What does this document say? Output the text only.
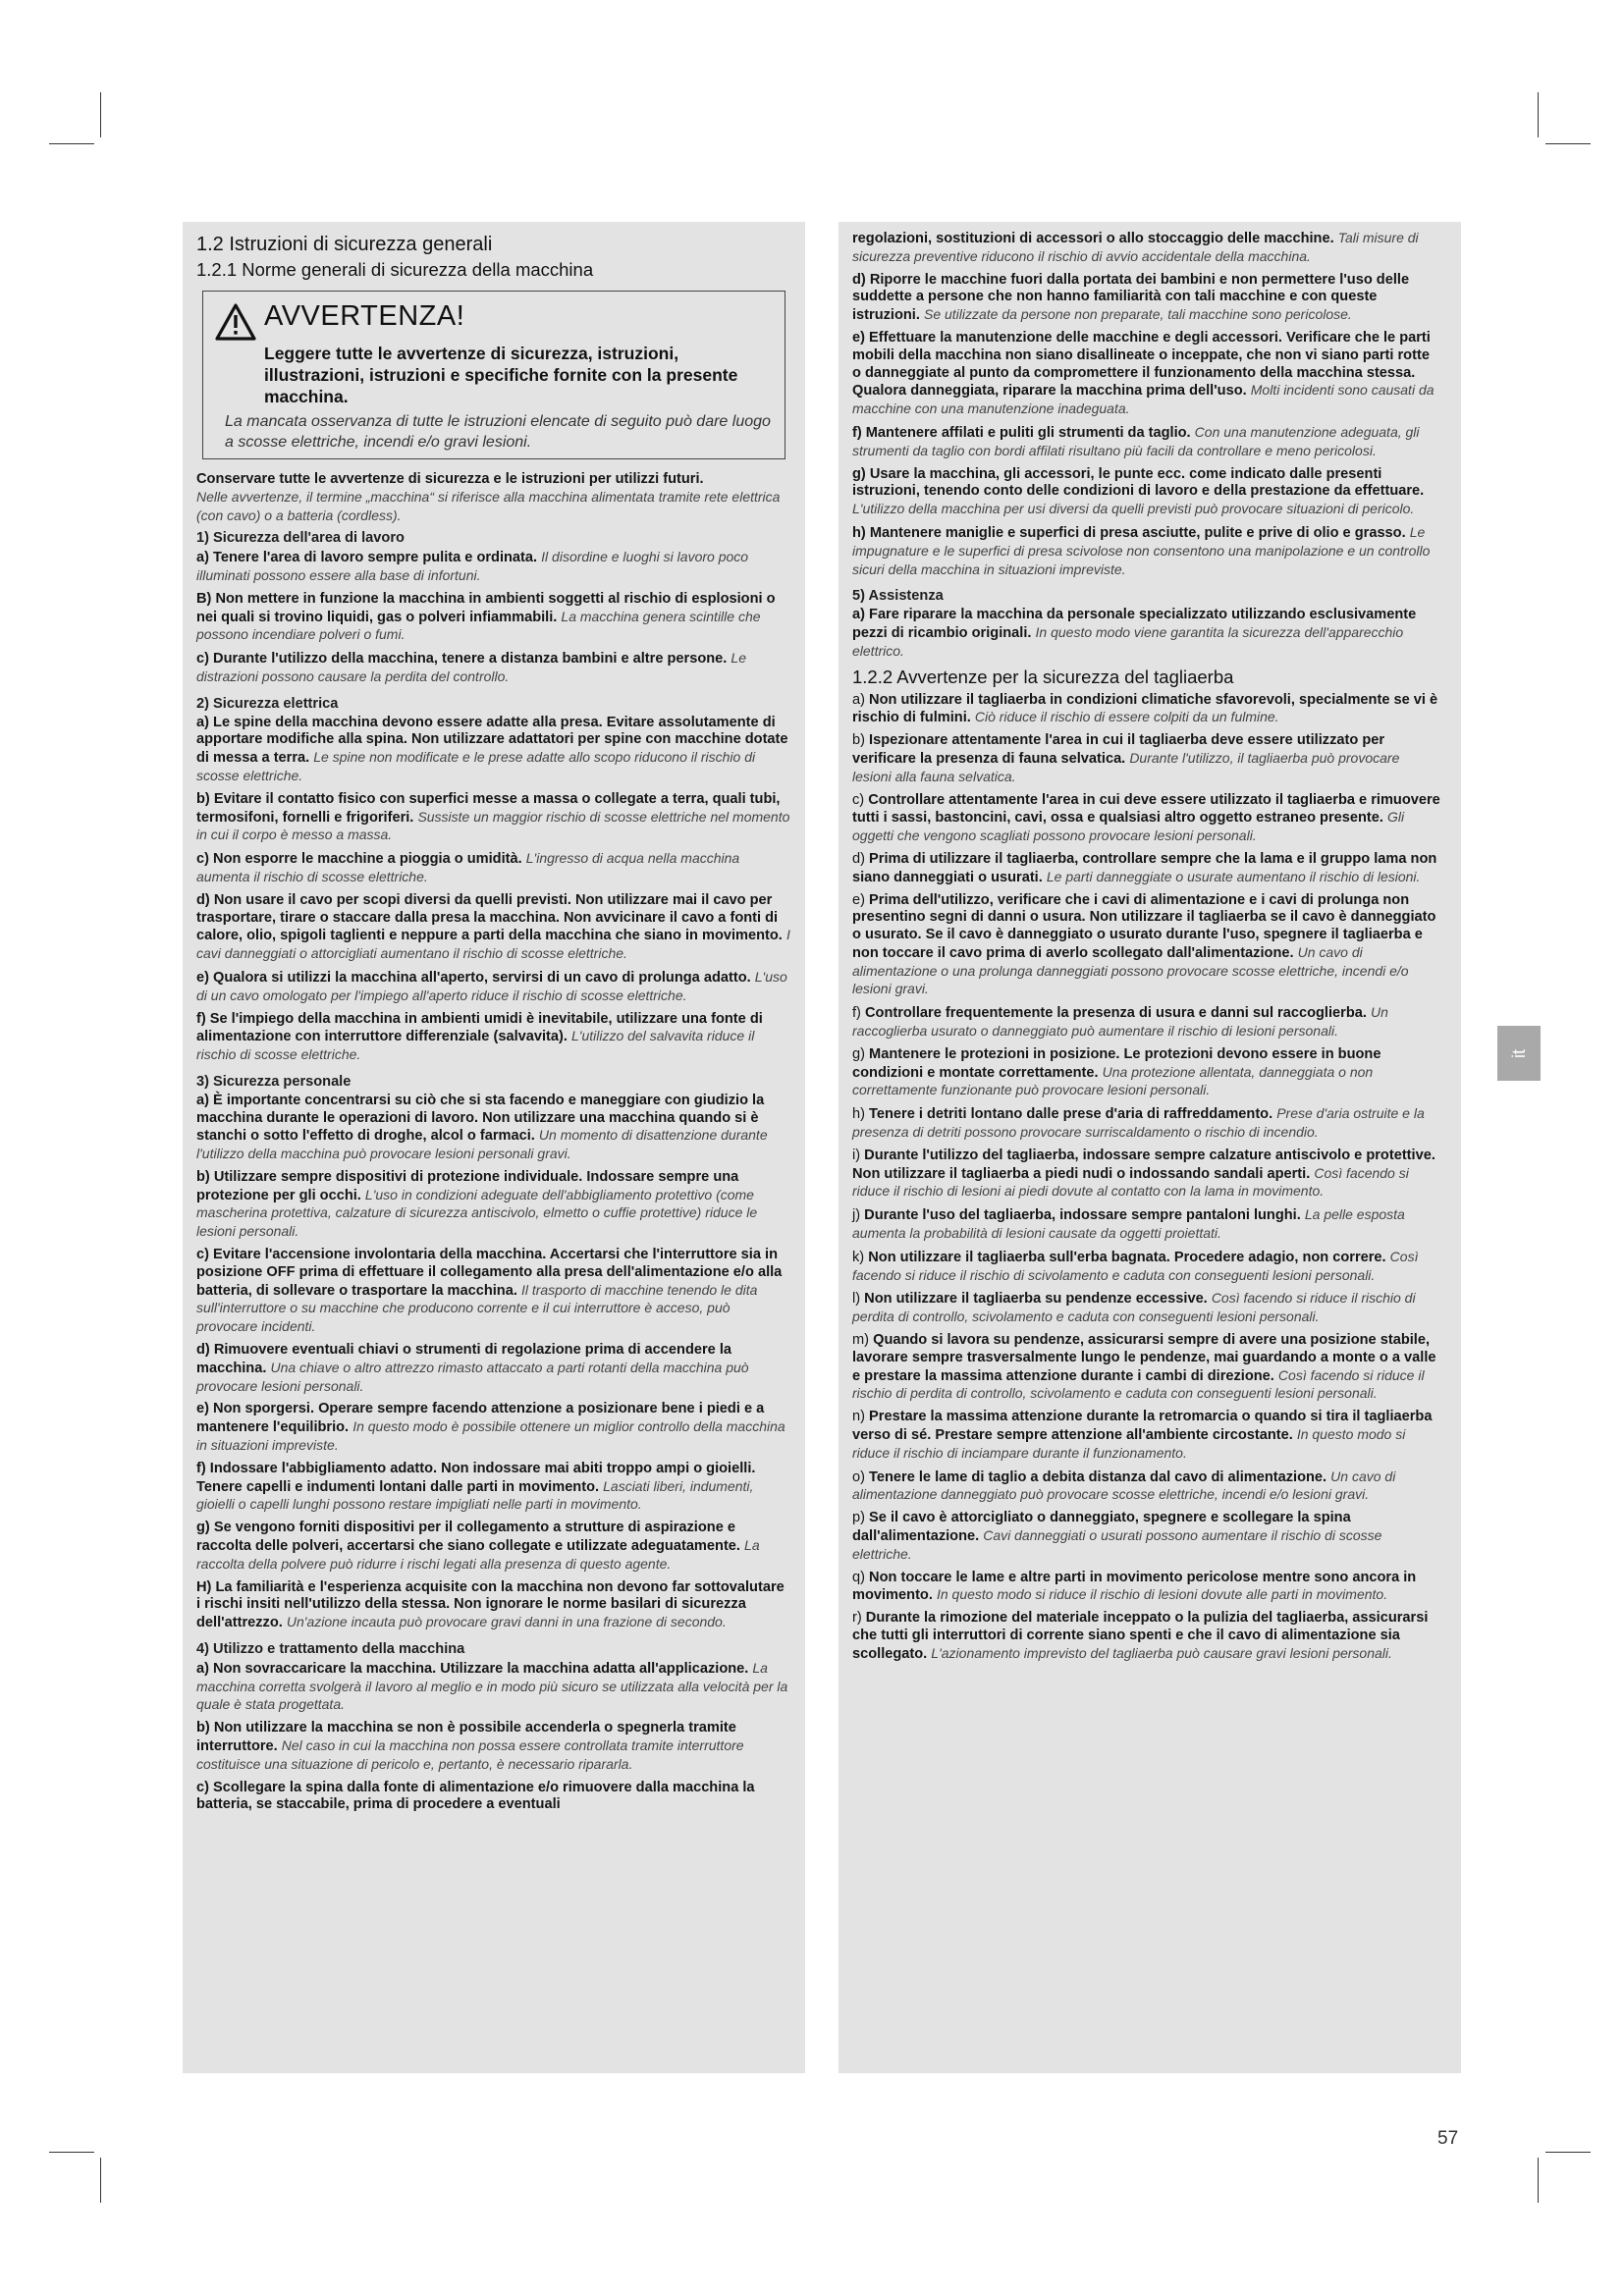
1.2 Istruzioni di sicurezza generali
1.2.1 Norme generali di sicurezza della macchina
AVVERTENZA!
Leggere tutte le avvertenze di sicurezza, istruzioni, illustrazioni, istruzioni e specifiche fornite con la presente macchina.
La mancata osservanza di tutte le istruzioni elencate di seguito può dare luogo a scosse elettriche, incendi e/o gravi lesioni.

Conservare tutte le avvertenze di sicurezza e le istruzioni per utilizzi futuri.
Nelle avvertenze, il termine „macchina“ si riferisce alla macchina alimentata tramite rete elettrica (con cavo) o a batteria (cordless).

1) Sicurezza dell'area di lavoro

a) Tenere l'area di lavoro sempre pulita e ordinata. Il disordine e luoghi si lavoro poco illuminati possono essere alla base di infortuni.

B) Non mettere in funzione la macchina in ambienti soggetti al rischio di esplosioni o nei quali si trovino liquidi, gas o polveri infiammabili. La macchina genera scintille che possono incendiare polveri o fumi.

c) Durante l'utilizzo della macchina, tenere a distanza bambini e altre persone. Le distrazioni possono causare la perdita del controllo.

2) Sicurezza elettrica

a) Le spine della macchina devono essere adatte alla presa. Evitare assolutamente di apportare modifiche alla spina. Non utilizzare adattatori per spine con macchine dotate di messa a terra. Le spine non modificate e le prese adatte allo scopo riducono il rischio di scosse elettriche.

b) Evitare il contatto fisico con superfici messe a massa o collegate a terra, quali tubi, termosifoni, fornelli e frigoriferi. Sussiste un maggior rischio di scosse elettriche nel momento in cui il corpo è messo a massa.

c) Non esporre le macchine a pioggia o umidità. L'ingresso di acqua nella macchina aumenta il rischio di scosse elettriche.

d) Non usare il cavo per scopi diversi da quelli previsti. Non utilizzare mai il cavo per trasportare, tirare o staccare dalla presa la macchina. Non avvicinare il cavo a fonti di calore, olio, spigoli taglienti e neppure a parti della macchina che siano in movimento. I cavi danneggiati o attorcigliati aumentano il rischio di scosse elettriche.

e) Qualora si utilizzi la macchina all'aperto, servirsi di un cavo di prolunga adatto. L'uso di un cavo omologato per l'impiego all'aperto riduce il rischio di scosse elettriche.

f) Se l'impiego della macchina in ambienti umidi è inevitabile, utilizzare una fonte di alimentazione con interruttore differenziale (salvavita). L'utilizzo del salvavita riduce il rischio di scosse elettriche.

3) Sicurezza personale

a) È importante concentrarsi su ciò che si sta facendo e maneggiare con giudizio la macchina durante le operazioni di lavoro. Non utilizzare una macchina quando si è stanchi o sotto l'effetto di droghe, alcol o farmaci. Un momento di disattenzione durante l'utilizzo della macchina può provocare lesioni personali gravi.

b) Utilizzare sempre dispositivi di protezione individuale. Indossare sempre una protezione per gli occhi. L'uso in condizioni adeguate dell'abbigliamento protettivo (come mascherina protettiva, calzature di sicurezza antiscivolo, elmetto o cuffie protettive) riduce le lesioni personali.

c) Evitare l'accensione involontaria della macchina. Accertarsi che l'interruttore sia in posizione OFF prima di effettuare il collegamento alla presa dell'alimentazione e/o alla batteria, di sollevare o trasportare la macchina. Il trasporto di macchine tenendo le dita sull'interruttore o su macchine che producono corrente e il cui interruttore è acceso, può provocare incidenti.

d) Rimuovere eventuali chiavi o strumenti di regolazione prima di accendere la macchina. Una chiave o altro attrezzo rimasto attaccato a parti rotanti della macchina può provocare lesioni personali.

e) Non sporgersi. Operare sempre facendo attenzione a posizionare bene i piedi e a mantenere l'equilibrio. In questo modo è possibile ottenere un miglior controllo della macchina in situazioni impreviste.

f) Indossare l'abbigliamento adatto. Non indossare mai abiti troppo ampi o gioielli. Tenere capelli e indumenti lontani dalle parti in movimento. Lasciati liberi, indumenti, gioielli o capelli lunghi possono restare impigliati nelle parti in movimento.

g) Se vengono forniti dispositivi per il collegamento a strutture di aspirazione e raccolta delle polveri, accertarsi che siano collegate e utilizzate adeguatamente. La raccolta della polvere può ridurre i rischi legati alla presenza di questo agente.

H) La familiarità e l'esperienza acquisite con la macchina non devono far sottovalutare i rischi insiti nell'utilizzo della stessa. Non ignorare le norme basilari di sicurezza dell'attrezzo. Un'azione incauta può provocare gravi danni in una frazione di secondo.

4) Utilizzo e trattamento della macchina

a) Non sovraccaricare la macchina. Utilizzare la macchina adatta all'applicazione. La macchina corretta svolgerà il lavoro al meglio e in modo più sicuro se utilizzata alla velocità per la quale è stata progettata.

b) Non utilizzare la macchina se non è possibile accenderla o spegnerla tramite interruttore. Nel caso in cui la macchina non possa essere controllata tramite interruttore costituisce una situazione di pericolo e, pertanto, è necessario ripararla.

c) Scollegare la spina dalla fonte di alimentazione e/o rimuovere dalla macchina la batteria, se staccabile, prima di procedere a eventuali

regolazioni, sostituzioni di accessori o allo stoccaggio delle macchine. Tali misure di sicurezza preventive riducono il rischio di avvio accidentale della macchina.

d) Riporre le macchine fuori dalla portata dei bambini e non permettere l'uso delle suddette a persone che non hanno familiarità con tali macchine e con queste istruzioni. Se utilizzate da persone non preparate, tali macchine sono pericolose.

e) Effettuare la manutenzione delle macchine e degli accessori. Verificare che le parti mobili della macchina non siano disallineate o inceppate, che non vi siano parti rotte o danneggiate al punto da compromettere il funzionamento della macchina stessa. Qualora danneggiata, riparare la macchina prima dell'uso. Molti incidenti sono causati da macchine con una manutenzione inadeguata.

f) Mantenere affilati e puliti gli strumenti da taglio. Con una manutenzione adeguata, gli strumenti da taglio con bordi affilati risultano più facili da controllare e meno pericolosi.

g) Usare la macchina, gli accessori, le punte ecc. come indicato dalle presenti istruzioni, tenendo conto delle condizioni di lavoro e della prestazione da effettuare. L'utilizzo della macchina per usi diversi da quelli previsti può provocare situazioni di pericolo.

h) Mantenere maniglie e superfici di presa asciutte, pulite e prive di olio e grasso. Le impugnature e le superfici di presa scivolose non consentono una manipolazione e un controllo sicuri della macchina in situazioni impreviste.

5) Assistenza

a) Fare riparare la macchina da personale specializzato utilizzando esclusivamente pezzi di ricambio originali. In questo modo viene garantita la sicurezza dell'apparecchio elettrico.

1.2.2 Avvertenze per la sicurezza del tagliaerba

a) Non utilizzare il tagliaerba in condizioni climatiche sfavorevoli, specialmente se vi è rischio di fulmini. Ciò riduce il rischio di essere colpiti da un fulmine.

b) Ispezionare attentamente l'area in cui il tagliaerba deve essere utilizzato per verificare la presenza di fauna selvatica. Durante l'utilizzo, il tagliaerba può provocare lesioni alla fauna selvatica.

c) Controllare attentamente l'area in cui deve essere utilizzato il tagliaerba e rimuovere tutti i sassi, bastoncini, cavi, ossa e qualsiasi altro oggetto estraneo presente. Gli oggetti che vengono scagliati possono provocare lesioni personali.

d) Prima di utilizzare il tagliaerba, controllare sempre che la lama e il gruppo lama non siano danneggiati o usurati. Le parti danneggiate o usurate aumentano il rischio di lesioni.

e) Prima dell'utilizzo, verificare che i cavi di alimentazione e i cavi di prolunga non presentino segni di danni o usura. Non utilizzare il tagliaerba se il cavo è danneggiato o usurato. Se il cavo è danneggiato o usurato durante l'uso, spegnere il tagliaerba e non toccare il cavo prima di averlo scollegato dall'alimentazione. Un cavo di alimentazione o una prolunga danneggiati possono provocare scosse elettriche, incendi e/o lesioni gravi.

f) Controllare frequentemente la presenza di usura e danni sul raccoglierba. Un raccoglierba usurato o danneggiato può aumentare il rischio di lesioni personali.

g) Mantenere le protezioni in posizione. Le protezioni devono essere in buone condizioni e montate correttamente. Una protezione allentata, danneggiata o non correttamente funzionante può provocare lesioni personali.

h) Tenere i detriti lontano dalle prese d'aria di raffreddamento. Prese d'aria ostruite e la presenza di detriti possono provocare surriscaldamento o rischio di incendio.

i) Durante l'utilizzo del tagliaerba, indossare sempre calzature antiscivolo e protettive. Non utilizzare il tagliaerba a piedi nudi o indossando sandali aperti. Così facendo si riduce il rischio di lesioni ai piedi dovute al contatto con la lama in movimento.

j) Durante l'uso del tagliaerba, indossare sempre pantaloni lunghi. La pelle esposta aumenta la probabilità di lesioni causate da oggetti proiettati.

k) Non utilizzare il tagliaerba sull'erba bagnata. Procedere adagio, non correre. Così facendo si riduce il rischio di scivolamento e caduta con conseguenti lesioni personali.

l) Non utilizzare il tagliaerba su pendenze eccessive. Così facendo si riduce il rischio di perdita di controllo, scivolamento e caduta con conseguenti lesioni personali.

m) Quando si lavora su pendenze, assicurarsi sempre di avere una posizione stabile, lavorare sempre trasversalmente lungo le pendenze, mai guardando a monte o a valle e prestare la massima attenzione durante i cambi di direzione. Così facendo si riduce il rischio di perdita di controllo, scivolamento e caduta con conseguenti lesioni personali.

n) Prestare la massima attenzione durante la retromarcia o quando si tira il tagliaerba verso di sé. Prestare sempre attenzione all'ambiente circostante. In questo modo si riduce il rischio di inciampare durante il funzionamento.

o) Tenere le lame di taglio a debita distanza dal cavo di alimentazione. Un cavo di alimentazione danneggiato può provocare scosse elettriche, incendi e/o lesioni gravi.

p) Se il cavo è attorcigliato o danneggiato, spegnere e scollegare la spina dall'alimentazione. Cavi danneggiati o usurati possono aumentare il rischio di scosse elettriche.

q) Non toccare le lame e altre parti in movimento pericolose mentre sono ancora in movimento. In questo modo si riduce il rischio di lesioni dovute alle parti in movimento.

r) Durante la rimozione del materiale inceppato o la pulizia del tagliaerba, assicurarsi che tutti gli interruttori di corrente siano spenti e che il cavo di alimentazione sia scollegato. L'azionamento imprevisto del tagliaerba può causare gravi lesioni personali.

it
57
